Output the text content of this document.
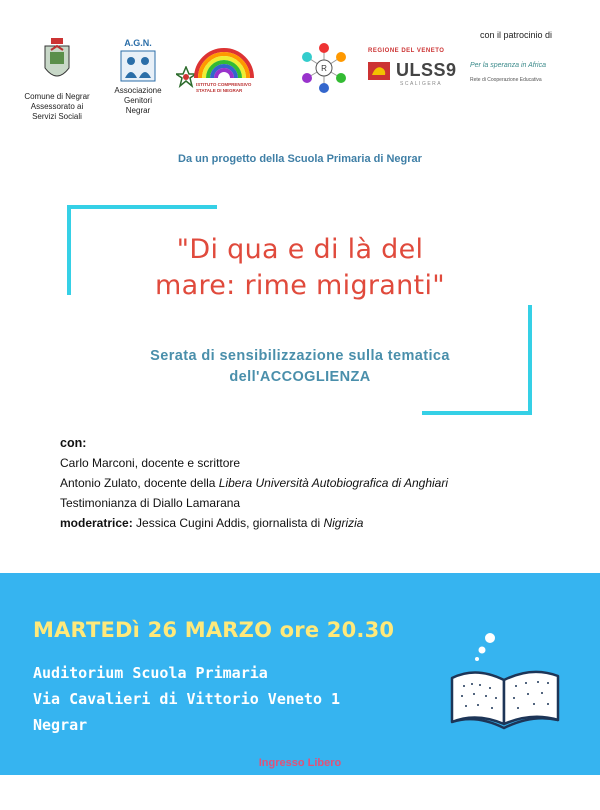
Comune di Negrar
Assessorato ai
Servizi Sociali
A.G.N.
Associazione
Genitori
Negrar
ISTITUTO COMPRENSIVO STATALE DI NEGRAR
R
REGIONE DEL VENETO
ULSS9
SCALIGERA
con il patrocinio di
Per la speranza in Africa
Rete di Cooperazione Educativa
Da un progetto della Scuola Primaria di Negrar
"Di qua e di là del
mare: rime migranti"
Serata di sensibilizzazione sulla tematica
dell'ACCOGLIENZA
con:
Carlo Marconi, docente e scrittore
Antonio Zulato, docente della Libera Università Autobiografica di Anghiari
Testimonianza di Diallo Lamarana
moderatrice: Jessica Cugini Addis, giornalista di Nigrizia
MARTEDì 26 MARZO ore 20.30
Auditorium Scuola Primaria
Via Cavalieri di Vittorio Veneto 1
Negrar
Ingresso Libero
